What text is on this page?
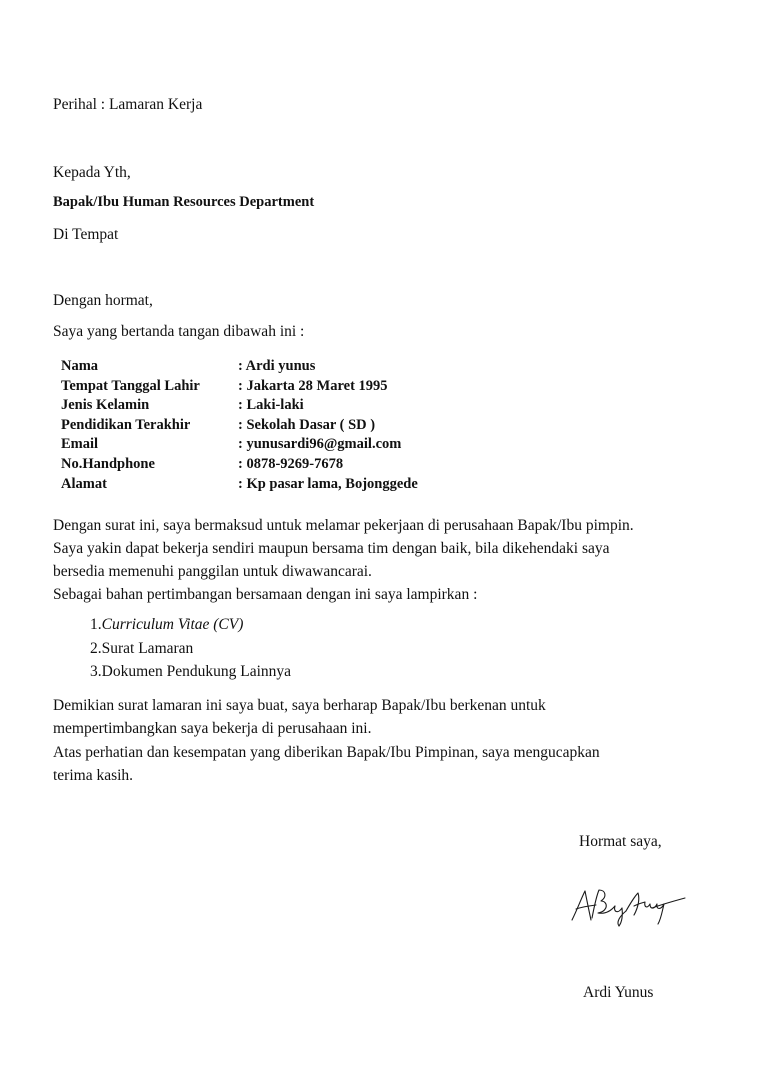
Perihal : Lamaran Kerja
Kepada Yth,
Bapak/Ibu Human Resources Department
Di Tempat
Dengan hormat,
Saya yang bertanda tangan dibawah ini :
Nama	: Ardi yunus
Tempat Tanggal Lahir	: Jakarta 28 Maret 1995
Jenis Kelamin	: Laki-laki
Pendidikan Terakhir	: Sekolah Dasar ( SD )
Email	: yunusardi96@gmail.com
No.Handphone	: 0878-9269-7678
Alamat	: Kp pasar lama, Bojonggede

Dengan surat ini, saya bermaksud untuk melamar pekerjaan di perusahaan Bapak/Ibu pimpin.

Saya yakin dapat bekerja sendiri maupun bersama tim dengan baik, bila dikehendaki saya

bersedia memenuhi panggilan untuk diwawancarai.

Sebagai bahan pertimbangan bersamaan dengan ini saya lampirkan :

1.Curriculum Vitae (CV)
2.Surat Lamaran
3.Dokumen Pendukung Lainnya

Demikian surat lamaran ini saya buat, saya berharap Bapak/Ibu berkenan untuk

mempertimbangkan saya bekerja di perusahaan ini.

Atas perhatian dan kesempatan yang diberikan Bapak/Ibu Pimpinan, saya mengucapkan

terima kasih.

Hormat saya,
Ardi Yunus
